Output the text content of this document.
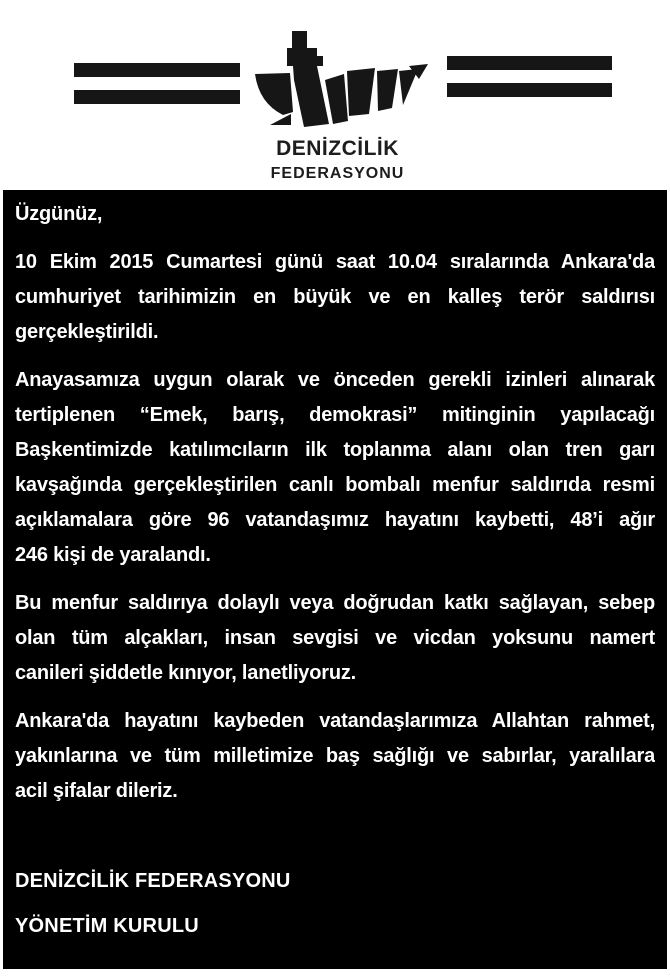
DENİZCİLİK
FEDERASYONU
Üzgünüz,
10 Ekim 2015 Cumartesi günü saat 10.04 sıralarında Ankara'da
cumhuriyet tarihimizin en büyük ve en kalleş terör saldırısı
gerçekleştirildi.
Anayasamıza uygun olarak ve önceden gerekli izinleri alınarak
tertiplenen “Emek, barış, demokrasi” mitinginin yapılacağı
Başkentimizde katılımcıların ilk toplanma alanı olan tren garı
kavşağında gerçekleştirilen canlı bombalı menfur saldırıda resmi
açıklamalara göre 96 vatandaşımız hayatını kaybetti, 48’i ağır
246 kişi de yaralandı.
Bu menfur saldırıya dolaylı veya doğrudan katkı sağlayan, sebep
olan tüm alçakları, insan sevgisi ve vicdan yoksunu namert
canileri şiddetle kınıyor, lanetliyoruz.
Ankara'da hayatını kaybeden vatandaşlarımıza Allahtan rahmet,
yakınlarına ve tüm milletimize baş sağlığı ve sabırlar, yaralılara
acil şifalar dileriz.
DENİZCİLİK FEDERASYONU
YÖNETİM KURULU
